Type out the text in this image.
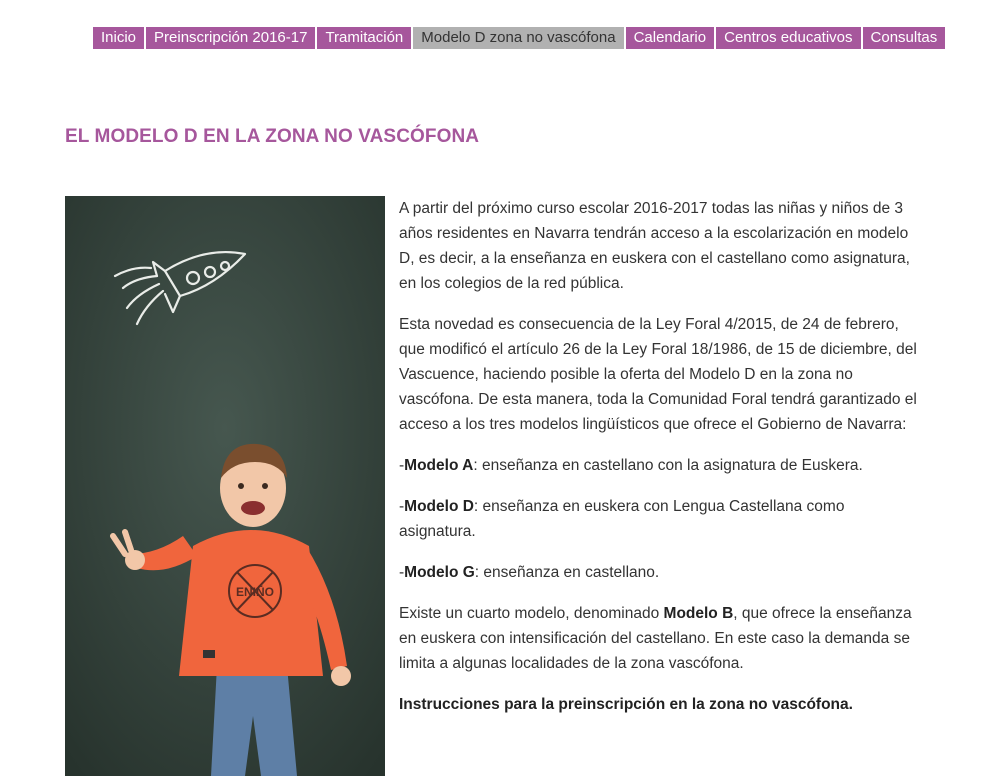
Inicio	Preinscripción 2016-17	Tramitación	Modelo D zona no vascófona	Calendario	Centros educativos	Consultas
EL MODELO D EN LA ZONA NO VASCÓFONA
ENIÑO

A partir del próximo curso escolar 2016-2017 todas las niñas y niños de 3 años residentes en Navarra tendrán acceso a la escolarización en modelo D, es decir, a la enseñanza en euskera con el castellano como asignatura, en los colegios de la red pública.

Esta novedad es consecuencia de la Ley Foral 4/2015, de 24 de febrero, que modificó el artículo 26 de la Ley Foral 18/1986, de 15 de diciembre, del Vascuence, haciendo posible la oferta del Modelo D en la zona no vascófona. De esta manera, toda la Comunidad Foral tendrá garantizado el acceso a los tres modelos lingüísticos que ofrece el Gobierno de Navarra:

-Modelo A: enseñanza en castellano con la asignatura de Euskera.

-Modelo D: enseñanza en euskera con Lengua Castellana como asignatura.

-Modelo G: enseñanza en castellano.

Existe un cuarto modelo, denominado Modelo B, que ofrece la enseñanza en euskera con intensificación del castellano. En este caso la demanda se limita a algunas localidades de la zona vascófona.

Instrucciones para la preinscripción en la zona no vascófona.
